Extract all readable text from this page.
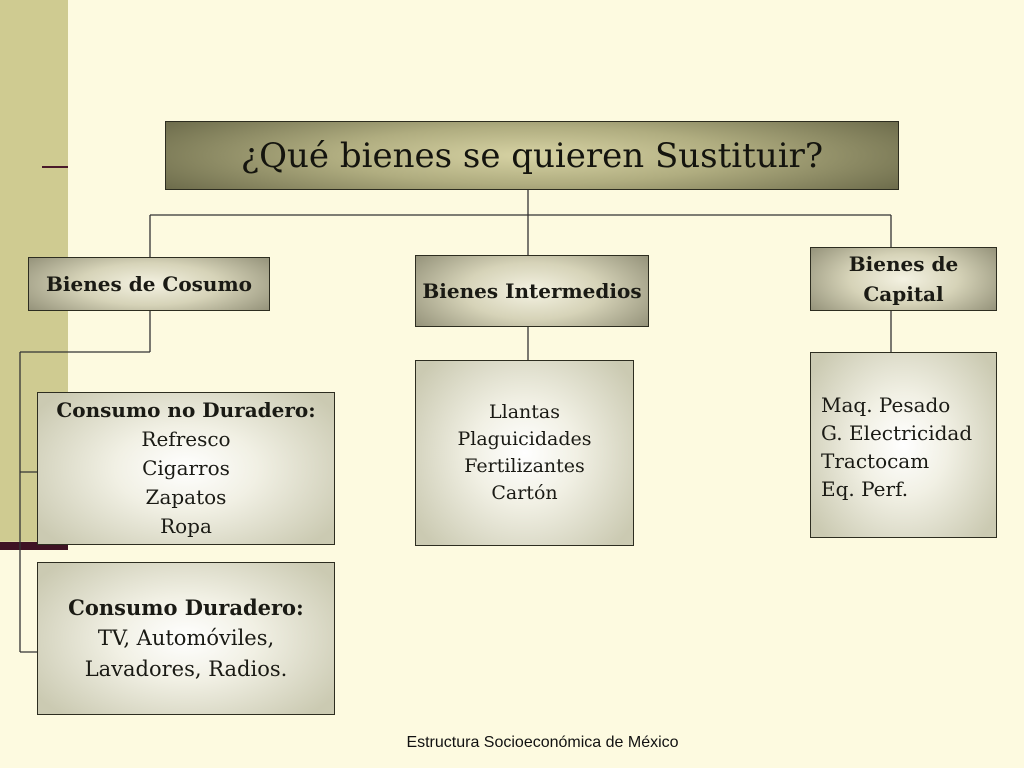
¿Qué bienes se quieren Sustituir?
Bienes de Cosumo	Bienes Intermedios
Bienes de
Capital
Consumo no Duradero:
Refresco
Cigarros
Zapatos
Ropa
Consumo Duradero:
TV, Automóviles,
Lavadores, Radios.
Llantas
Plaguicidades
Fertilizantes
Cartón
Maq. Pesado
G. Electricidad
Tractocam
Eq. Perf.
Estructura Socioeconómica de México
